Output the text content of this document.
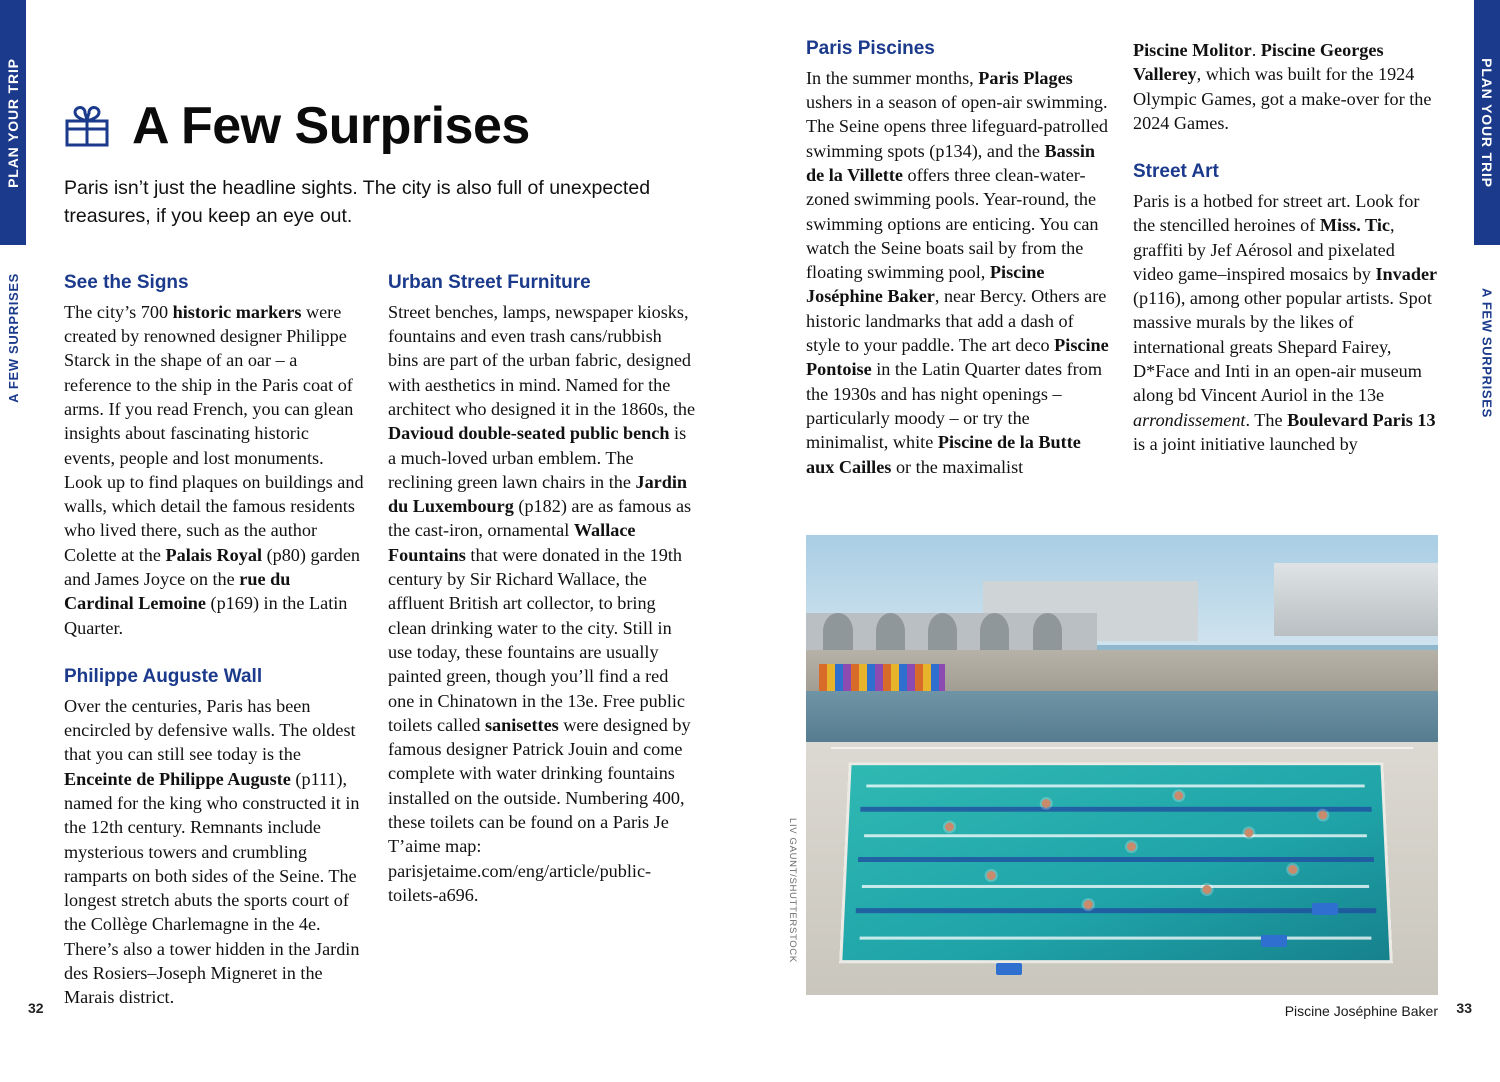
PLAN YOUR TRIP
A FEW SURPRISES
PLAN YOUR TRIP
A FEW SURPRISES
A Few Surprises

Paris isn’t just the headline sights. The city is also full of unexpected treasures, if you keep an eye out.

See the Signs

The city’s 700 historic markers were created by renowned designer Philippe Starck in the shape of an oar – a reference to the ship in the Paris coat of arms. If you read French, you can glean insights about fascinating historic events, people and lost monuments. Look up to find plaques on buildings and walls, which detail the famous residents who lived there, such as the author Colette at the Palais Royal (p80) garden and James Joyce on the rue du Cardinal Lemoine (p169) in the Latin Quarter.

Philippe Auguste Wall

Over the centuries, Paris has been encircled by defensive walls. The oldest that you can still see today is the Enceinte de Philippe Auguste (p111), named for the king who constructed it in the 12th century. Remnants include mysterious towers and crumbling ramparts on both sides of the Seine. The longest stretch abuts the sports court of the Collège Charlemagne in the 4e. There’s also a tower hidden in the Jardin des Rosiers–Joseph Migneret in the Marais district.

Urban Street Furniture

Street benches, lamps, newspaper kiosks, fountains and even trash cans/rubbish bins are part of the urban fabric, designed with aesthetics in mind. Named for the architect who designed it in the 1860s, the Davioud double-seated public bench is a much-loved urban emblem. The reclining green lawn chairs in the Jardin du Luxembourg (p182) are as famous as the cast-iron, ornamental Wallace Fountains that were donated in the 19th century by Sir Richard Wallace, the affluent British art collector, to bring clean drinking water to the city. Still in use today, these fountains are usually painted green, though you’ll find a red one in Chinatown in the 13e. Free public toilets called sanisettes were designed by famous designer Patrick Jouin and come complete with water drinking fountains installed on the outside. Numbering 400, these toilets can be found on a Paris Je T’aime map: parisjetaime.com/eng/article/public-toilets-a696.

Paris Piscines

In the summer months, Paris Plages ushers in a season of open-air swimming. The Seine opens three lifeguard-patrolled swimming spots (p134), and the Bassin de la Villette offers three clean-water-zoned swimming pools. Year-round, the swimming options are enticing. You can watch the Seine boats sail by from the floating swimming pool, Piscine Joséphine Baker, near Bercy. Others are historic landmarks that add a dash of style to your paddle. The art deco Piscine Pontoise in the Latin Quarter dates from the 1930s and has night openings – particularly moody – or try the minimalist, white Piscine de la Butte aux Cailles or the maximalist

Piscine Molitor. Piscine Georges Vallerey, which was built for the 1924 Olympic Games, got a make-over for the 2024 Games.

Street Art

Paris is a hotbed for street art. Look for the stencilled heroines of Miss. Tic, graffiti by Jef Aérosol and pixelated video game–inspired mosaics by Invader (p116), among other popular artists. Spot massive murals by the likes of international greats Shepard Fairey, D*Face and Inti in an open-air museum along bd Vincent Auriol in the 13e arrondissement. The Boulevard Paris 13 is a joint initiative launched by

LIV GAUNT/SHUTTERSTOCK
Piscine Joséphine Baker
32	33
